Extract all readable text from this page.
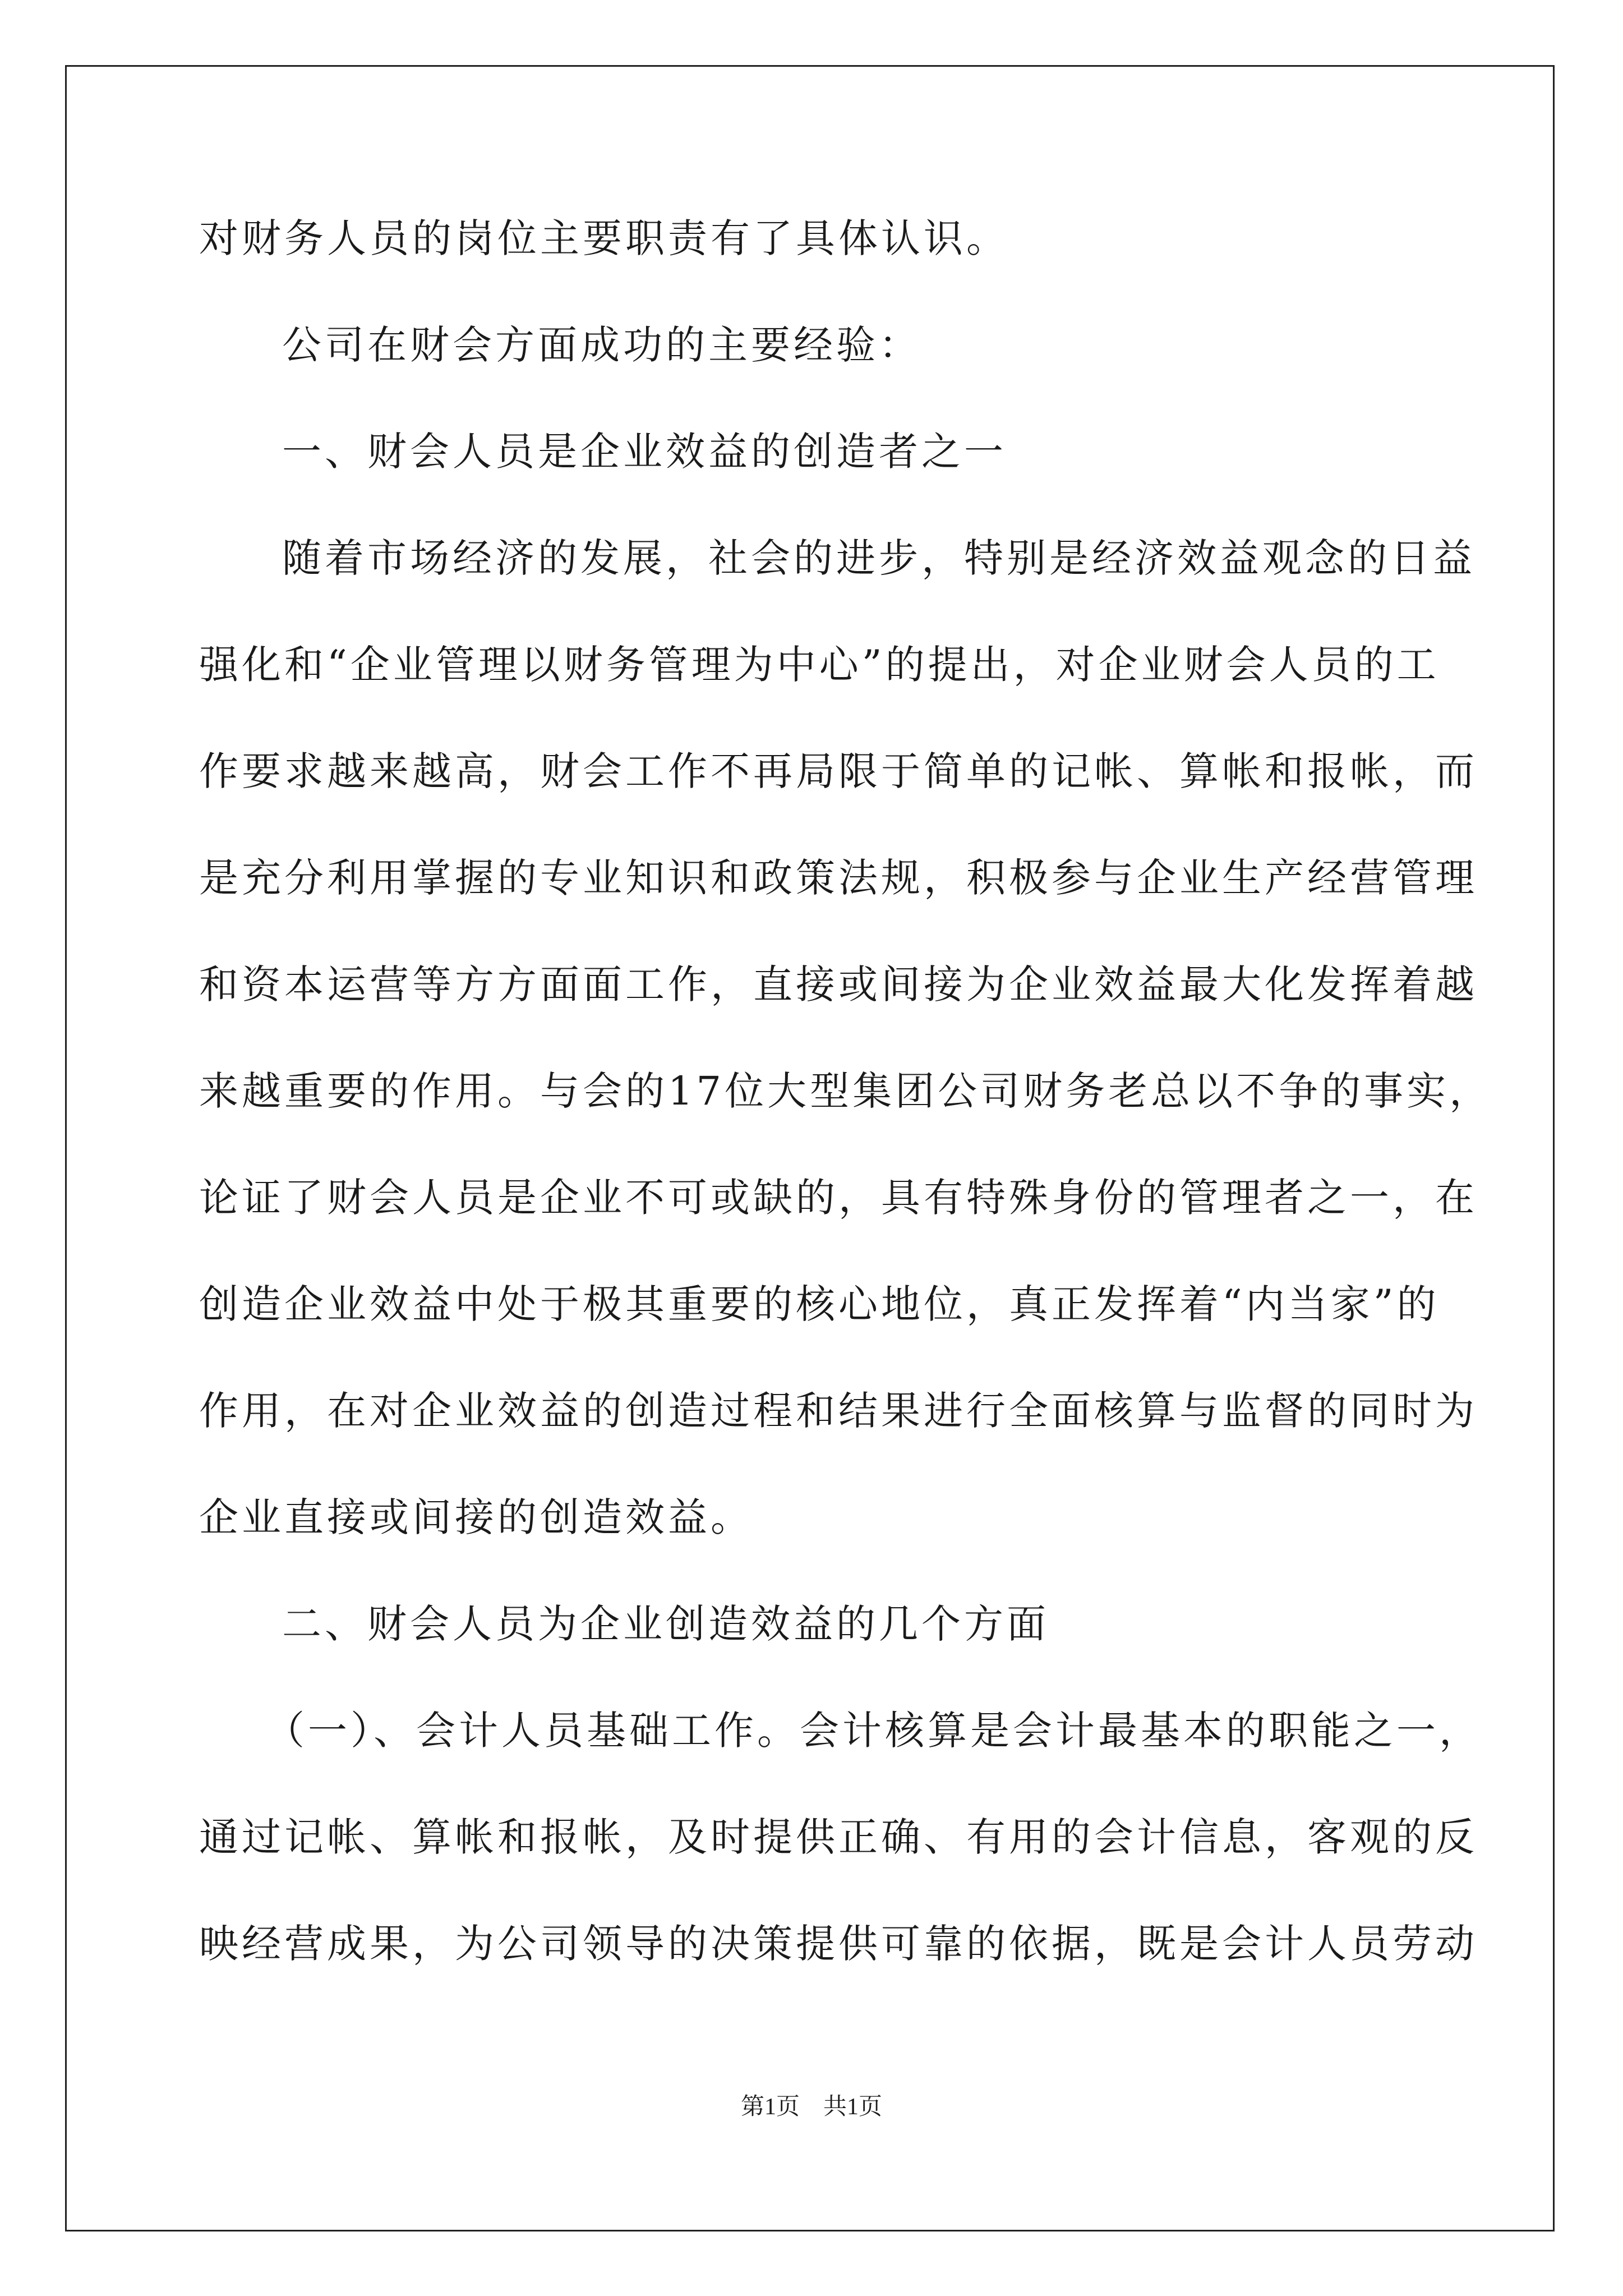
对财务人员的岗位主要职责有了具体认识。
公司在财会方面成功的主要经验：
一、财会人员是企业效益的创造者之一
随着市场经济的发展，社会的进步，特别是经济效益观念的日益
强化和“企业管理以财务管理为中心”的提出，对企业财会人员的工
作要求越来越高，财会工作不再局限于简单的记帐、算帐和报帐，而
是充分利用掌握的专业知识和政策法规，积极参与企业生产经营管理
和资本运营等方方面面工作，直接或间接为企业效益最大化发挥着越
来越重要的作用。与会的17位大型集团公司财务老总以不争的事实，
论证了财会人员是企业不可或缺的，具有特殊身份的管理者之一，在
创造企业效益中处于极其重要的核心地位，真正发挥着“内当家”的
作用，在对企业效益的创造过程和结果进行全面核算与监督的同时为
企业直接或间接的创造效益。
二、财会人员为企业创造效益的几个方面
（一）、会计人员基础工作。会计核算是会计最基本的职能之一，
通过记帐、算帐和报帐，及时提供正确、有用的会计信息，客观的反
映经营成果，为公司领导的决策提供可靠的依据，既是会计人员劳动
第1页　共1页
